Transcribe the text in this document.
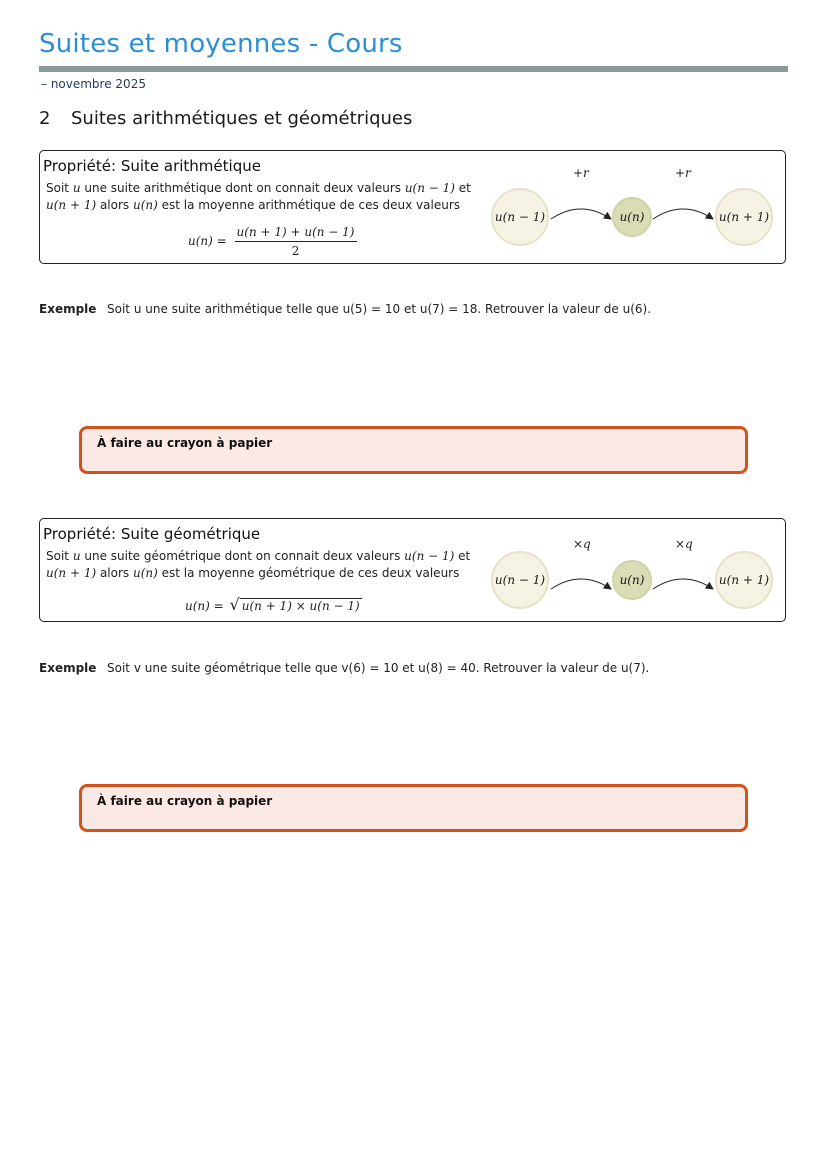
Suites et moyennes - Cours
– novembre 2025
2 Suites arithmétiques et géométriques
Propriété: Suite arithmétique
Soit u une suite arithmétique dont on connait deux valeurs u(n − 1) et u(n + 1) alors u(n) est la moyenne arithmétique de ces deux valeurs
$u(n) = \frac{u(n + 1) + u(n - 1)}{2}$
u(n − 1)	u(n)	u(n + 1)
+r	+r
Exemple Soit u une suite arithmétique telle que u(5) = 10 et u(7) = 18. Retrouver la valeur de u(6).
À faire au crayon à papier
Propriété: Suite géométrique
Soit u une suite géométrique dont on connait deux valeurs u(n − 1) et u(n + 1) alors u(n) est la moyenne géométrique de ces deux valeurs
u(n) = √ u(n + 1) × u(n − 1)
u(n − 1)	u(n)	u(n + 1)
×q	×q
Exemple Soit v une suite géométrique telle que v(6) = 10 et u(8) = 40. Retrouver la valeur de u(7).
À faire au crayon à papier
